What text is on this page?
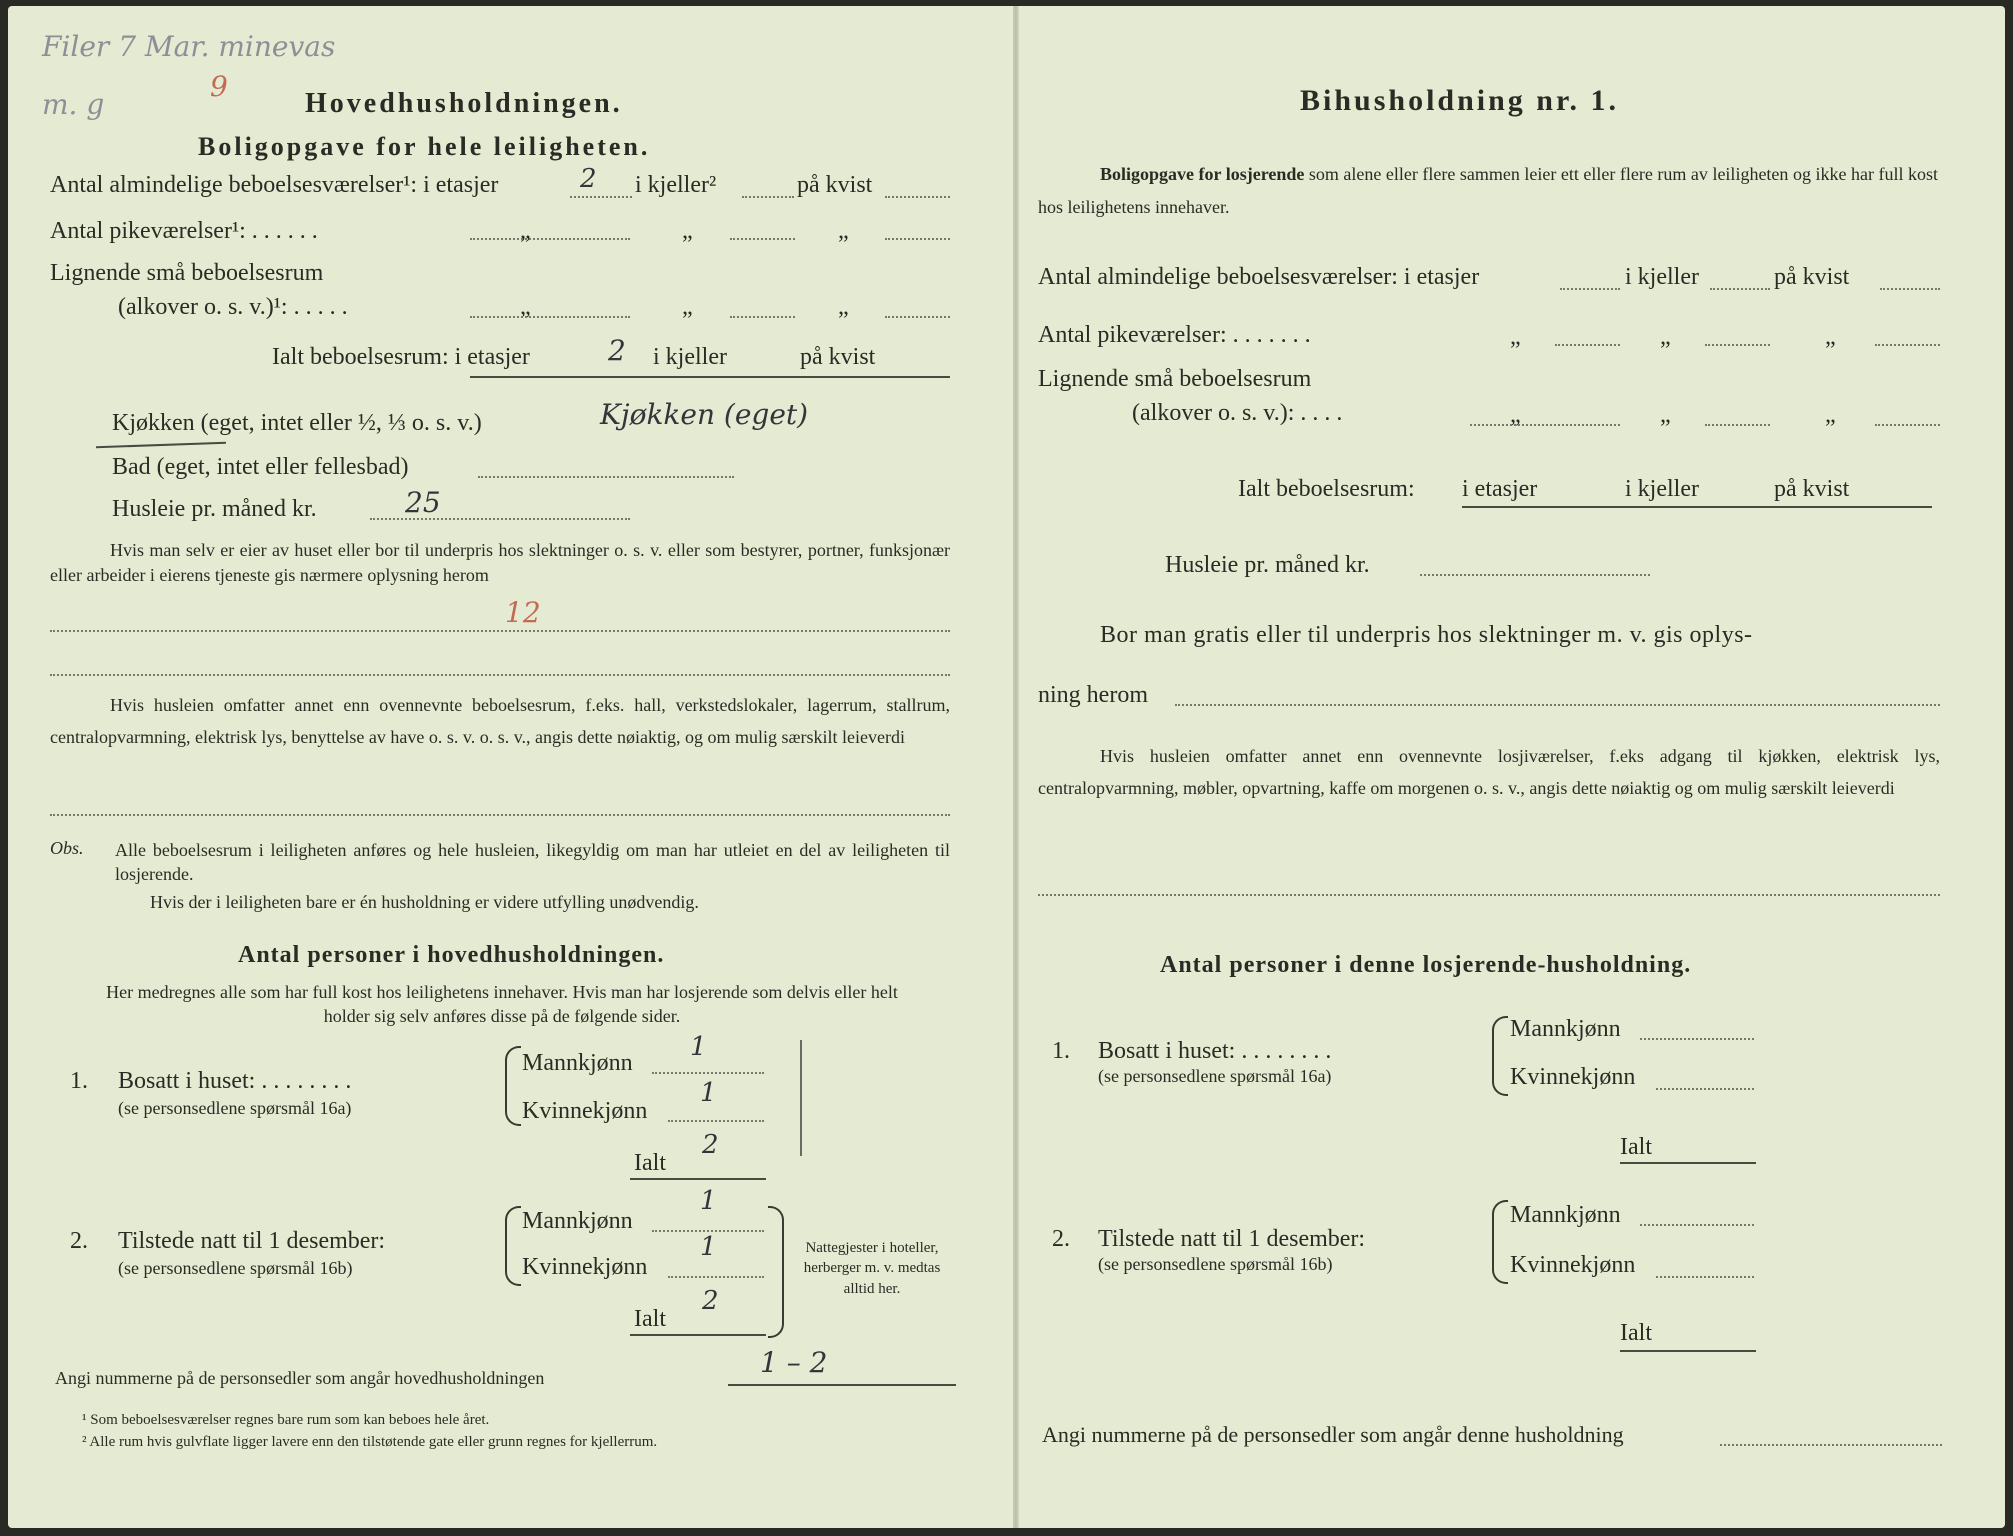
Filer 7 Mar. minevas
m. g
9
Hovedhusholdningen.
Boligopgave for hele leiligheten.
Antal almindelige beboelsesværelser¹: i etasjer	2 i kjeller²	på kvist
Antal pikeværelser¹: . . . . . .	„	„	„
Lignende små beboelsesrum
(alkover o. s. v.)¹: . . . . .	„	„	„
Ialt beboelsesrum: i etasjer	2 i kjeller	på kvist
Kjøkken (eget, intet eller ½, ⅓ o. s. v.)	Kjøkken (eget)
Bad (eget, intet eller fellesbad)
Husleie pr. måned kr.	25
Hvis man selv er eier av huset eller bor til underpris hos slektninger o. s. v. eller som bestyrer, portner, funksjonær eller arbeider i eierens tjeneste gis nærmere oplysning herom
12
Hvis husleien omfatter annet enn ovennevnte beboelsesrum, f.eks. hall, verkstedslokaler, lagerrum, stallrum, centralopvarmning, elektrisk lys, benyttelse av have o. s. v. o. s. v., angis dette nøiaktig, og om mulig særskilt leieverdi
Obs. Alle beboelsesrum i leiligheten anføres og hele husleien, likegyldig om man har utleiet en del av leiligheten til losjerende.
Hvis der i leiligheten bare er én husholdning er videre utfylling unødvendig.
Antal personer i hovedhusholdningen.
Her medregnes alle som har full kost hos leilighetens innehaver. Hvis man har losjerende som delvis eller helt holder sig selv anføres disse på de følgende sider.
1. Bosatt i huset: . . . . . . . .
(se personsedlene spørsmål 16a)
Mannkjønn
1
Kvinnekjønn
1
Ialt
2
2. Tilstede natt til 1 desember:
(se personsedlene spørsmål 16b)
Mannkjønn
1
Kvinnekjønn
1
Ialt
2
Nattegjester i hoteller, herberger m. v. medtas alltid her.
Angi nummerne på de personsedler som angår hovedhusholdningen	1 – 2
¹ Som beboelsesværelser regnes bare rum som kan beboes hele året.
² Alle rum hvis gulvflate ligger lavere enn den tilstøtende gate eller grunn regnes for kjellerrum.
Bihusholdning nr. 1.
Boligopgave for losjerende som alene eller flere sammen leier ett eller flere rum av leiligheten og ikke har full kost hos leilighetens innehaver.
Antal almindelige beboelsesværelser: i etasjer	i kjeller	på kvist
Antal pikeværelser: . . . . . . .	„	„	„
Lignende små beboelsesrum
(alkover o. s. v.): . . . .	„	„	„
Ialt beboelsesrum: i etasjer	i kjeller	på kvist
Husleie pr. måned kr.
Bor man gratis eller til underpris hos slektninger m. v. gis oplys-
ning herom
Hvis husleien omfatter annet enn ovennevnte losjiværelser, f.eks adgang til kjøkken, elektrisk lys, centralopvarmning, møbler, opvartning, kaffe om morgenen o. s. v., angis dette nøiaktig og om mulig særskilt leieverdi
Antal personer i denne losjerende-husholdning.
1. Bosatt i huset: . . . . . . . .
(se personsedlene spørsmål 16a)
Mannkjønn
Kvinnekjønn
Ialt
2. Tilstede natt til 1 desember:
(se personsedlene spørsmål 16b)
Mannkjønn
Kvinnekjønn
Ialt
Angi nummerne på de personsedler som angår denne husholdning
